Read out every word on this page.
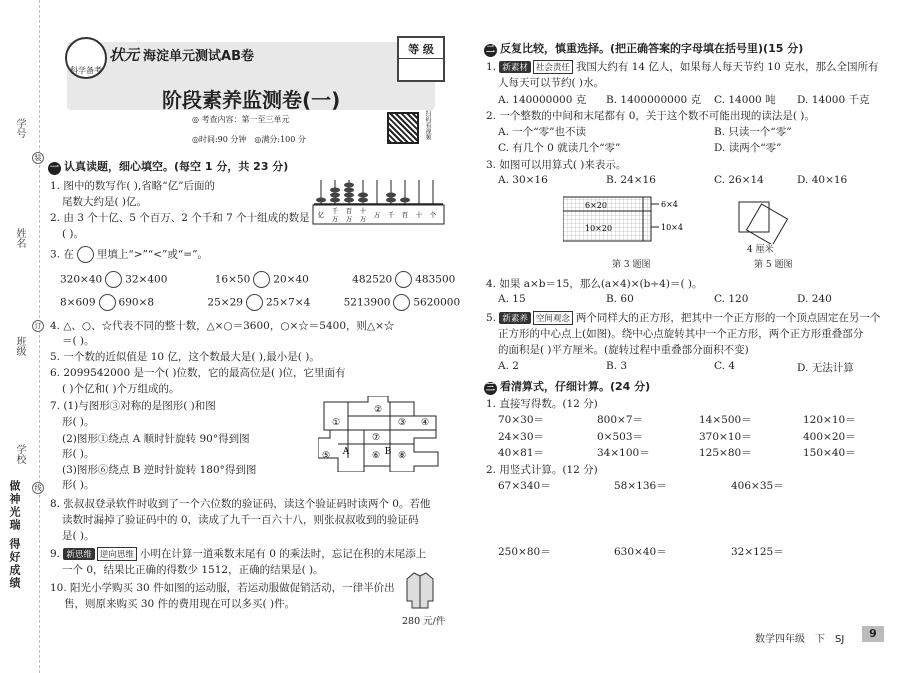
学号
姓名
班级
学校
装
订
线
做神光瑞 得好成绩
科学备考
状元 海淀单元测试AB卷	等 级
阶段素养监测卷(一)
◎ 考查内容：第一至三单元
◎时间:90 分钟　◎满分:100 分	扫码看视频
一 认真读题，细心填空。(每空 1 分，共 23 分)
1. 图中的数写作( ),省略“亿”后面的
尾数大约是( )亿。
亿 千
万
百
万
十
万 万 千 百 十 个
2. 由 3 个十亿、5 个百万、2 个千和 7 个十组成的数是
( )。
3. 在 里填上“>”“<”或“=”。
320×40 32×400	16×50 20×40	482520 483500
8×609 690×8	25×29 25×7×4	5213900 5620000
4. △、○、☆代表不同的整十数，△×○＝3600，○×☆＝5400，则△×☆
＝( )。
5. 一个数的近似值是 10 亿，这个数最大是( ),最小是( )。
6. 2099542000 是一个( )位数，它的最高位是( )位，它里面有
( )个亿和( )个万组成的。
7. (1)与图形③对称的是图形( )和图
形( )。
(2)图形①绕点 A 顺时针旋转 90°得到图
形( )。
(3)图形⑥绕点 B 逆时针旋转 180°得到图
形( )。
①
②
③ ④
⑤	⑥
⑦
⑧
A	B
8. 张叔叔登录软件时收到了一个六位数的验证码，读这个验证码时读两个 0。若他
读数时漏掉了验证码中的 0，读成了九千一百六十八，则张叔叔收到的验证码
是( )。
9. 新思维 逆向思维 小明在计算一道乘数末尾有 0 的乘法时，忘记在积的末尾添上
一个 0，结果比正确的得数少 1512，正确的结果是( )。
10. 阳光小学购买 30 件如图的运动服，若运动服做促销活动，一律半价出
售，则原来购买 30 件的费用现在可以多买( )件。
280 元/件
二 反复比较，慎重选择。(把正确答案的字母填在括号里)(15 分)
1. 新素材 社会责任 我国大约有 14 亿人，如果每人每天节约 10 克水，那么全国所有
人每天可以节约( )水。
A. 140000000 克 B. 1400000000 克 C. 14000 吨 D. 14000 千克
2. 一个整数的中间和末尾都有 0，关于这个数不可能出现的读法是( )。
A. 一个“零”也不读	B. 只读一个“零”
C. 有几个 0 就读几个“零”	D. 读两个“零”
3. 如图可以用算式( )来表示。
A. 30×16	B. 24×16	C. 26×14	D. 40×16
6×20	6×4
10×20	10×4
第 3 题图
4 厘米
第 5 题图
4. 如果 a×b＝15，那么(a×4)×(b÷4)＝( )。
A. 15	B. 60	C. 120	D. 240
5. 新素养 空间观念 两个同样大的正方形，把其中一个正方形的一个顶点固定在另一个
正方形的中心点上(如图)。绕中心点旋转其中一个正方形，两个正方形重叠部分
的面积是( )平方厘米。(旋转过程中重叠部分面积不变)
A. 2	B. 3	C. 4	D. 无法计算
三 看清算式，仔细计算。(24 分)
1. 直接写得数。(12 分)
70×30＝	800×7＝	14×500＝	120×10＝
24×30＝	0×503＝	370×10＝	400×20＝
40×81＝	34×100＝	125×80＝	150×40＝
2. 用竖式计算。(12 分)
67×340＝	58×136＝	406×35＝
250×80＝	630×40＝	32×125＝
数学四年级　下　SJ	9
